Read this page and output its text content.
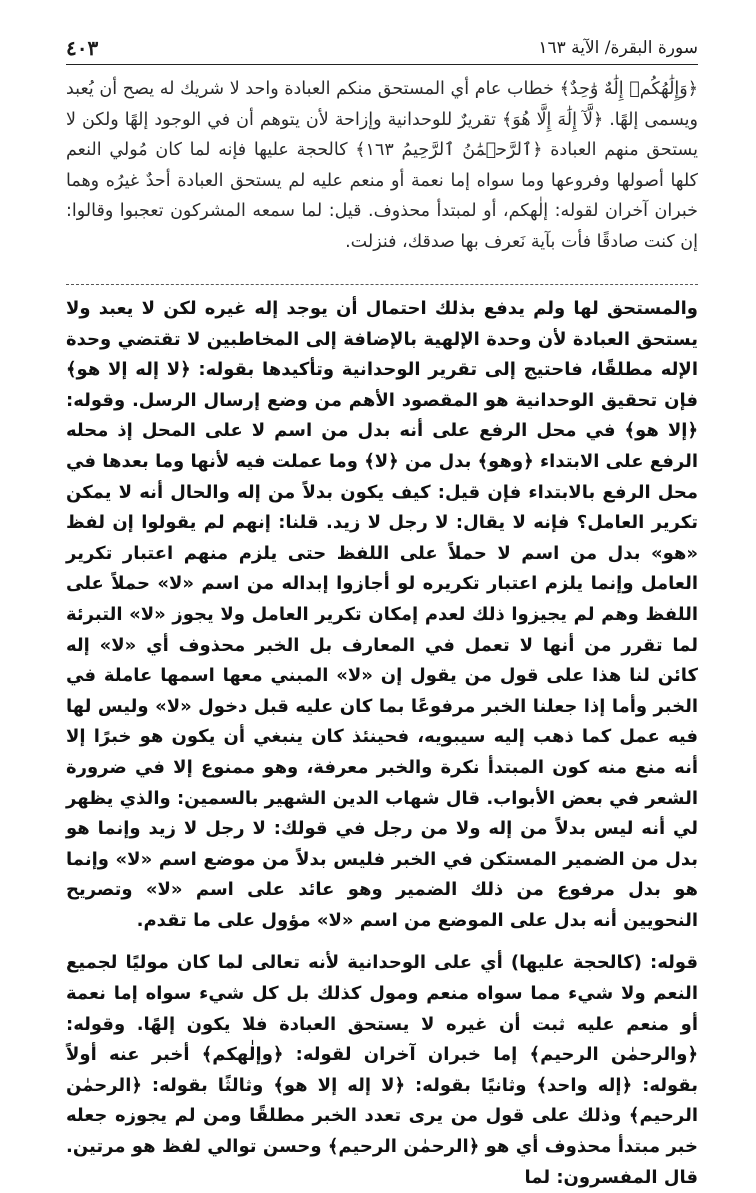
سورة البقرة/ الآية ١٦٣
٤٠٣

﴿وَإِلَٰهُكُمۡ إِلَٰهٌ وَٰحِدٌ﴾ خطاب عام أي المستحق منكم العبادة واحد لا شريك له يصح أن يُعبد ويسمى إلهًا. ﴿لَّآ إِلَٰهَ إِلَّا هُوَ﴾ تقريرٌ للوحدانية وإزاحة لأن يتوهم أن في الوجود إلهًا ولكن لا يستحق منهم العبادة ﴿ٱلرَّحۡمَٰنُ ٱلرَّحِيمُ ١٦٣﴾ كالحجة عليها فإنه لما كان مُولي النعم كلها أصولها وفروعها وما سواه إما نعمة أو منعم عليه لم يستحق العبادة أحدٌ غيرُه وهما خبران آخران لقوله: إلٰهكم، أو لمبتدأ محذوف. قيل: لما سمعه المشركون تعجبوا وقالوا: إن كنت صادقًا فأت بآية نَعرف بها صدقك، فنزلت.

والمستحق لها ولم يدفع بذلك احتمال أن يوجد إله غيره لكن لا يعبد ولا يستحق العبادة لأن وحدة الإلهية بالإضافة إلى المخاطبين لا تقتضي وحدة الإله مطلقًا، فاحتيج إلى تقرير الوحدانية وتأكيدها بقوله: ﴿لا إله إلا هو﴾ فإن تحقيق الوحدانية هو المقصود الأهم من وضع إرسال الرسل. وقوله: ﴿إلا هو﴾ في محل الرفع على أنه بدل من اسم لا على المحل إذ محله الرفع على الابتداء ﴿وهو﴾ بدل من ﴿لا﴾ وما عملت فيه لأنها وما بعدها في محل الرفع بالابتداء فإن قيل: كيف يكون بدلاً من إله والحال أنه لا يمكن تكرير العامل؟ فإنه لا يقال: لا رجل لا زيد. قلنا: إنهم لم يقولوا إن لفظ «هو» بدل من اسم لا حملاً على اللفظ حتى يلزم منهم اعتبار تكرير العامل وإنما يلزم اعتبار تكريره لو أجازوا إبداله من اسم «لا» حملاً على اللفظ وهم لم يجيزوا ذلك لعدم إمكان تكرير العامل ولا يجوز «لا» التبرئة لما تقرر من أنها لا تعمل في المعارف بل الخبر محذوف أي «لا» إله كائن لنا هذا على قول من يقول إن «لا» المبني معها اسمها عاملة في الخبر وأما إذا جعلنا الخبر مرفوعًا بما كان عليه قبل دخول «لا» وليس لها فيه عمل كما ذهب إليه سيبويه، فحينئذ كان ينبغي أن يكون هو خبرًا إلا أنه منع منه كون المبتدأ نكرة والخبر معرفة، وهو ممنوع إلا في ضرورة الشعر في بعض الأبواب. قال شهاب الدين الشهير بالسمين: والذي يظهر لي أنه ليس بدلاً من إله ولا من رجل في قولك: لا رجل لا زيد وإنما هو بدل من الضمير المستكن في الخبر فليس بدلاً من موضع اسم «لا» وإنما هو بدل مرفوع من ذلك الضمير وهو عائد على اسم «لا» وتصريح النحويين أنه بدل على الموضع من اسم «لا» مؤول على ما تقدم.

قوله: (كالحجة عليها) أي على الوحدانية لأنه تعالى لما كان موليًا لجميع النعم ولا شيء مما سواه منعم ومول كذلك بل كل شيء سواه إما نعمة أو منعم عليه ثبت أن غيره لا يستحق العبادة فلا يكون إلهًا. وقوله: ﴿والرحمٰن الرحيم﴾ إما خبران آخران لقوله: ﴿وإلٰهكم﴾ أخبر عنه أولاً بقوله: ﴿إله واحد﴾ وثانيًا بقوله: ﴿لا إله إلا هو﴾ وثالثًا بقوله: ﴿الرحمٰن الرحيم﴾ وذلك على قول من يرى تعدد الخبر مطلقًا ومن لم يجوزه جعله خبر مبتدأ محذوف أي هو ﴿الرحمٰن الرحيم﴾ وحسن توالي لفظ هو مرتين. قال المفسرون: لما
